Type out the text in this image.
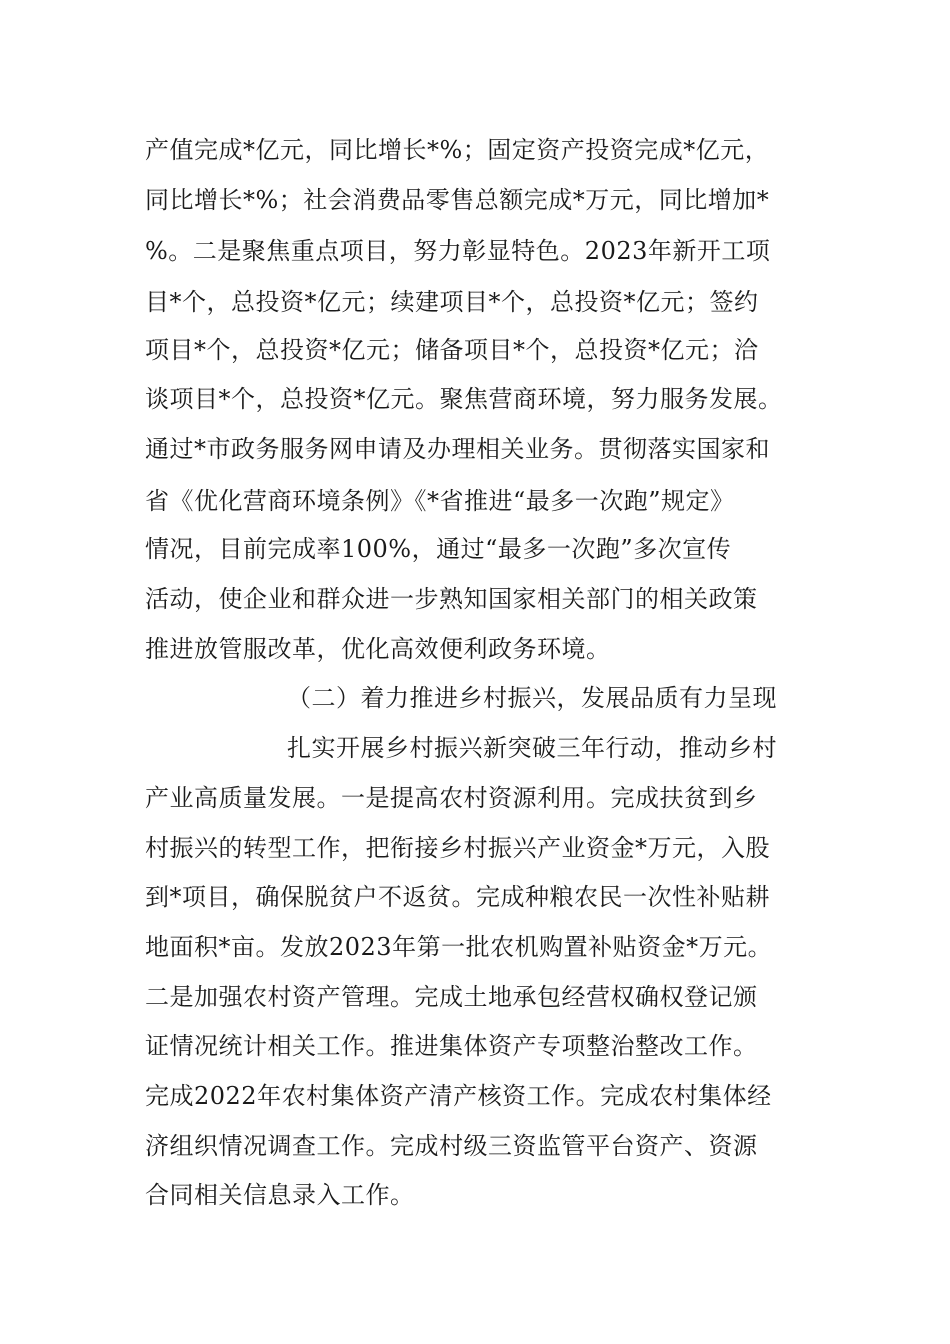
产值完成*亿元，同比增长*%；固定资产投资完成*亿元，
同比增长*%；社会消费品零售总额完成*万元，同比增加*
%。二是聚焦重点项目，努力彰显特色。2023年新开工项
目*个，总投资*亿元；续建项目*个，总投资*亿元；签约
项目*个，总投资*亿元；储备项目*个，总投资*亿元；洽
谈项目*个，总投资*亿元。聚焦营商环境，努力服务发展。
通过*市政务服务网申请及办理相关业务。贯彻落实国家和
省《优化营商环境条例》《*省推进“最多一次跑”规定》
情况，目前完成率100%，通过“最多一次跑”多次宣传
活动，使企业和群众进一步熟知国家相关部门的相关政策
推进放管服改革，优化高效便利政务环境。
（二）着力推进乡村振兴，发展品质有力呈现
扎实开展乡村振兴新突破三年行动，推动乡村
产业高质量发展。一是提高农村资源利用。完成扶贫到乡
村振兴的转型工作，把衔接乡村振兴产业资金*万元，入股
到*项目，确保脱贫户不返贫。完成种粮农民一次性补贴耕
地面积*亩。发放2023年第一批农机购置补贴资金*万元。
二是加强农村资产管理。完成土地承包经营权确权登记颁
证情况统计相关工作。推进集体资产专项整治整改工作。
完成2022年农村集体资产清产核资工作。完成农村集体经
济组织情况调查工作。完成村级三资监管平台资产、资源
合同相关信息录入工作。
